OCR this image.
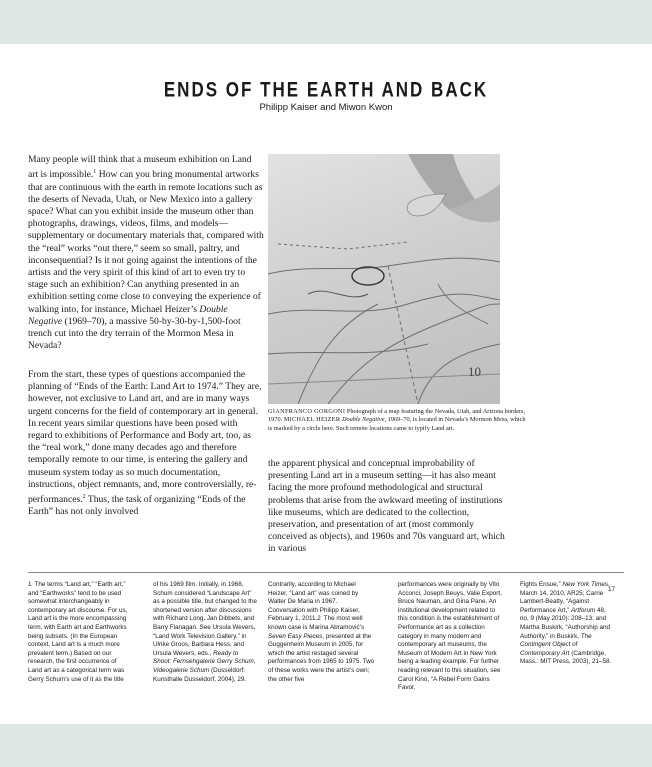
ENDS OF THE EARTH AND BACK
Philipp Kaiser and Miwon Kwon

Many people will think that a museum exhibition on Land art is impossible.$^1$ How can you bring monumental artworks that are continuous with the earth in remote locations such as the deserts of Nevada, Utah, or New Mexico into a gallery space? What can you exhibit inside the museum other than photographs, drawings, videos, films, and models—supplementary or documentary materials that, compared with the “real” works “out there,” seem so small, paltry, and inconsequential? Is it not going against the intentions of the artists and the very spirit of this kind of art to even try to stage such an exhibition? Can anything presented in an exhibition setting come close to conveying the experience of walking into, for instance, Michael Heizer’s Double Negative (1969–70), a massive 50-by-30-by-1,500-foot trench cut into the dry terrain of the Mormon Mesa in Nevada?

From the start, these types of questions accompanied the planning of “Ends of the Earth: Land Art to 1974.” They are, however, not exclusive to Land art, and are in many ways urgent concerns for the field of contemporary art in general. In recent years similar questions have been posed with regard to exhibitions of Performance and Body art, too, as the “real work,” done many decades ago and therefore temporally remote to our time, is entering the gallery and museum system today as so much documentation, instructions, object remnants, and, more controversially, re-performances.$^2$ Thus, the task of organizing “Ends of the Earth” has not only involved

the apparent physical and conceptual improbability of presenting Land art in a museum setting—it has also meant facing the more profound methodological and structural problems that arise from the awkward meeting of institutions like museums, which are dedicated to the collection, preservation, and presentation of art (most commonly conceived as objects), and 1960s and 70s vanguard art, which in various

10

GIANFRANCO GORGONI Photograph of a map featuring the Nevada, Utah, and Arizona borders, 1970. MICHAEL HEIZER Double Negative, 1969–70, is located in Nevada’s Mormon Mesa, which is marked by a circle here. Such remote locations came to typify Land art.

1 The terms “Land art,” “Earth art,” and “Earthworks” tend to be used somewhat interchangeably in contemporary art discourse. For us, Land art is the more encompassing term, with Earth art and Earthworks being subsets. (In the European context, Land art is a much more prevalent term.) Based on our research, the first occurrence of Land art as a categorical term was Gerry Schum’s use of it as the title

of his 1969 film. Initially, in 1968, Schum considered “Landscape Art” as a possible title, but changed to the shortened version after discussions with Richard Long, Jan Dibbets, and Barry Flanagan. See Ursula Wevers, “Land Work Television Gallery,” in Ulrike Groos, Barbara Hess, and Ursula Wevers, eds., Ready to Shoot: Fernsehgalerie Gerry Schum, Videogalerie Schum (Dusseldorf: Kunsthalle Dusseldorf, 2004), 29.

Contrarily, according to Michael Heizer, “Land art” was coined by Walter De Maria in 1967. Conversation with Philipp Kaiser, February 1, 2011.2 The most well known case is Marina Abramović’s Seven Easy Pieces, presented at the Guggenheim Museum in 2005, for which the artist restaged several performances from 1965 to 1975. Two of these works were the artist’s own; the other five

performances were originally by Vito Acconci, Joseph Beuys, Valie Export, Bruce Nauman, and Gina Pane. An institutional development related to this condition is the establishment of Performance art as a collection category in many modern and contemporary art museums, the Museum of Modern Art in New York being a leading example. For further reading relevant to this situation, see Carol Kino, “A Rebel Form Gains Favor.

Fights Ensue,” New York Times, March 14, 2010, AR25; Carrie Lambert-Beatty, “Against Performance Art,” Artforum 48, no. 9 (May 2010): 208–13; and Martha Buskirk, “Authorship and Authority,” in Buskirk, The Contingent Object of Contemporary Art (Cambridge, Mass.: MIT Press, 2003), 21–58.

17
